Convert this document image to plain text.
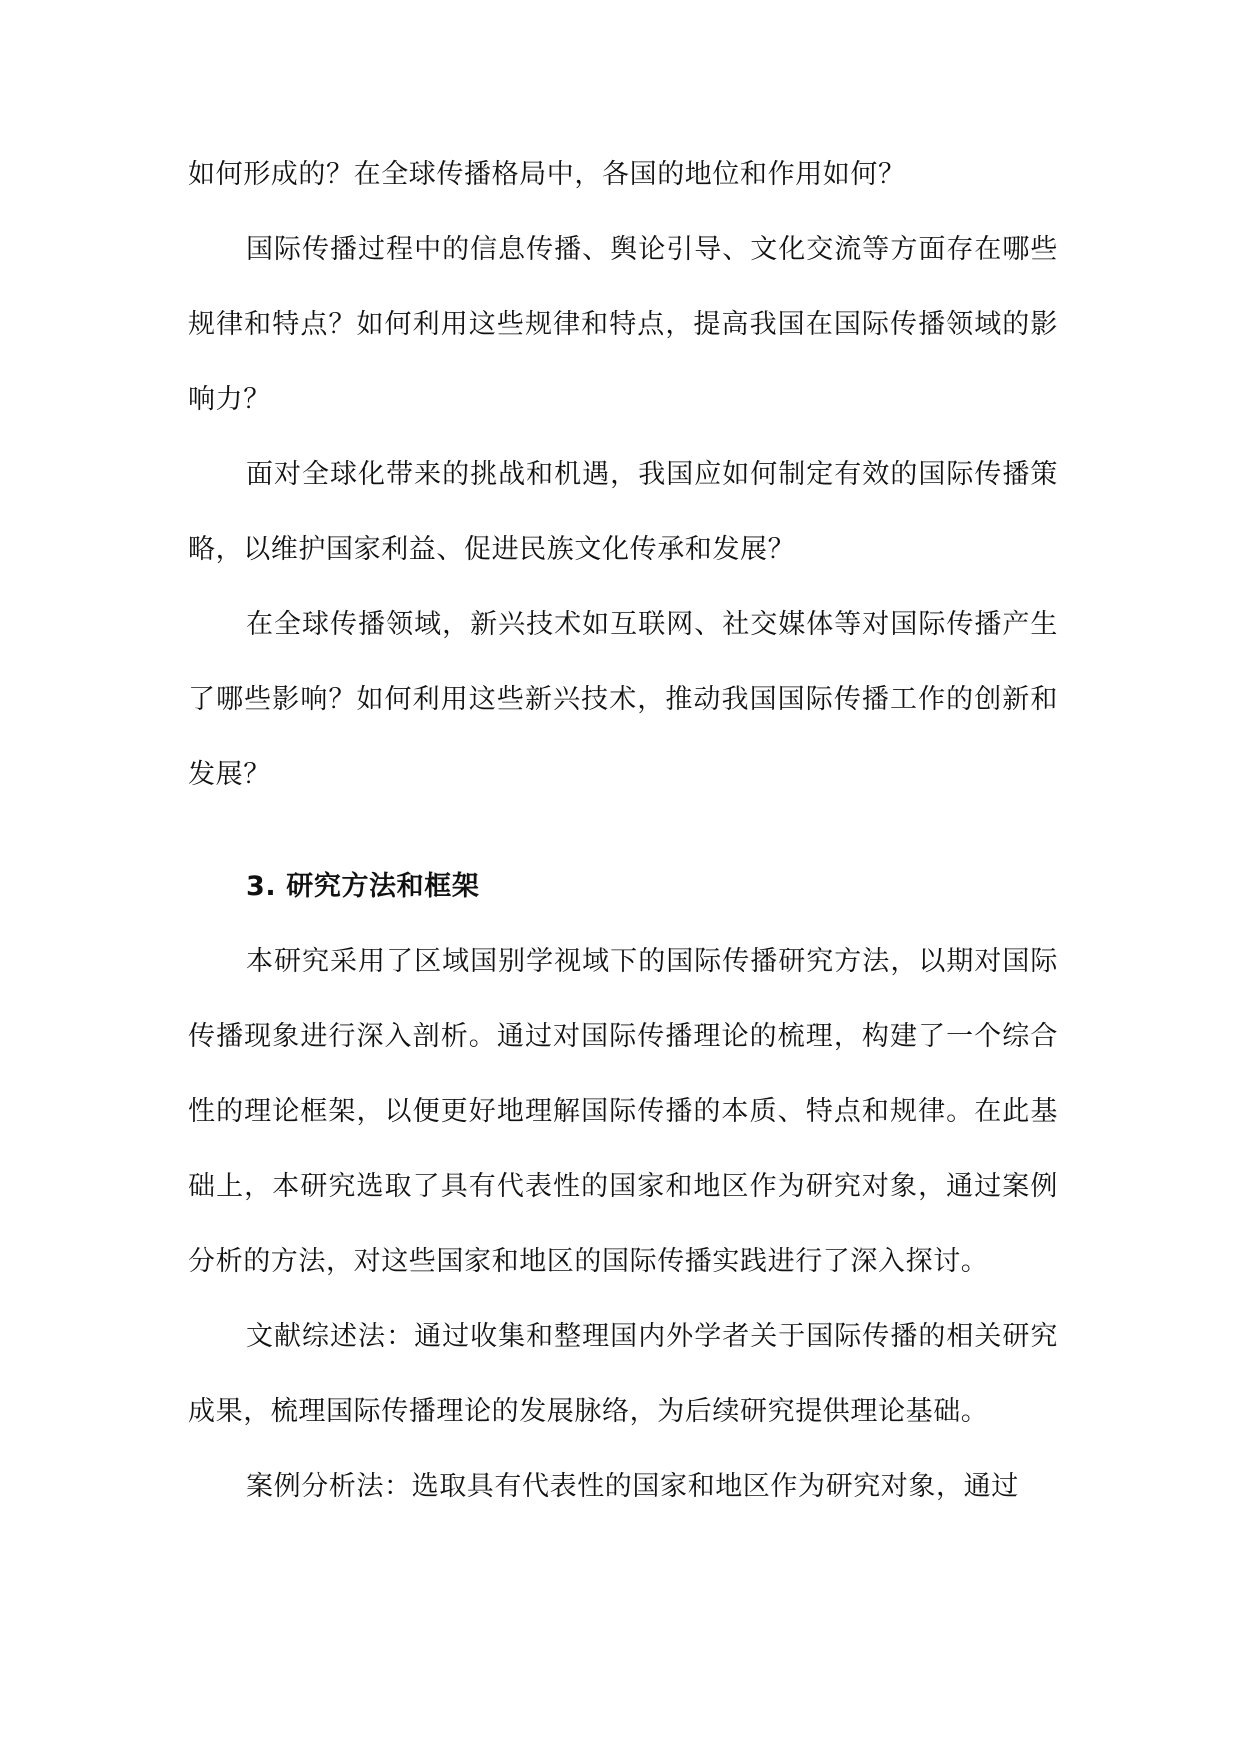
如何形成的？在全球传播格局中，各国的地位和作用如何？

国际传播过程中的信息传播、舆论引导、文化交流等方面存在哪些规律和特点？如何利用这些规律和特点，提高我国在国际传播领域的影响力？

面对全球化带来的挑战和机遇，我国应如何制定有效的国际传播策略，以维护国家利益、促进民族文化传承和发展？

在全球传播领域，新兴技术如互联网、社交媒体等对国际传播产生了哪些影响？如何利用这些新兴技术，推动我国国际传播工作的创新和发展？

3. 研究方法和框架

本研究采用了区域国别学视域下的国际传播研究方法，以期对国际传播现象进行深入剖析。通过对国际传播理论的梳理，构建了一个综合性的理论框架，以便更好地理解国际传播的本质、特点和规律。在此基础上，本研究选取了具有代表性的国家和地区作为研究对象，通过案例分析的方法，对这些国家和地区的国际传播实践进行了深入探讨。

文献综述法：通过收集和整理国内外学者关于国际传播的相关研究成果，梳理国际传播理论的发展脉络，为后续研究提供理论基础。

案例分析法：选取具有代表性的国家和地区作为研究对象，通过
